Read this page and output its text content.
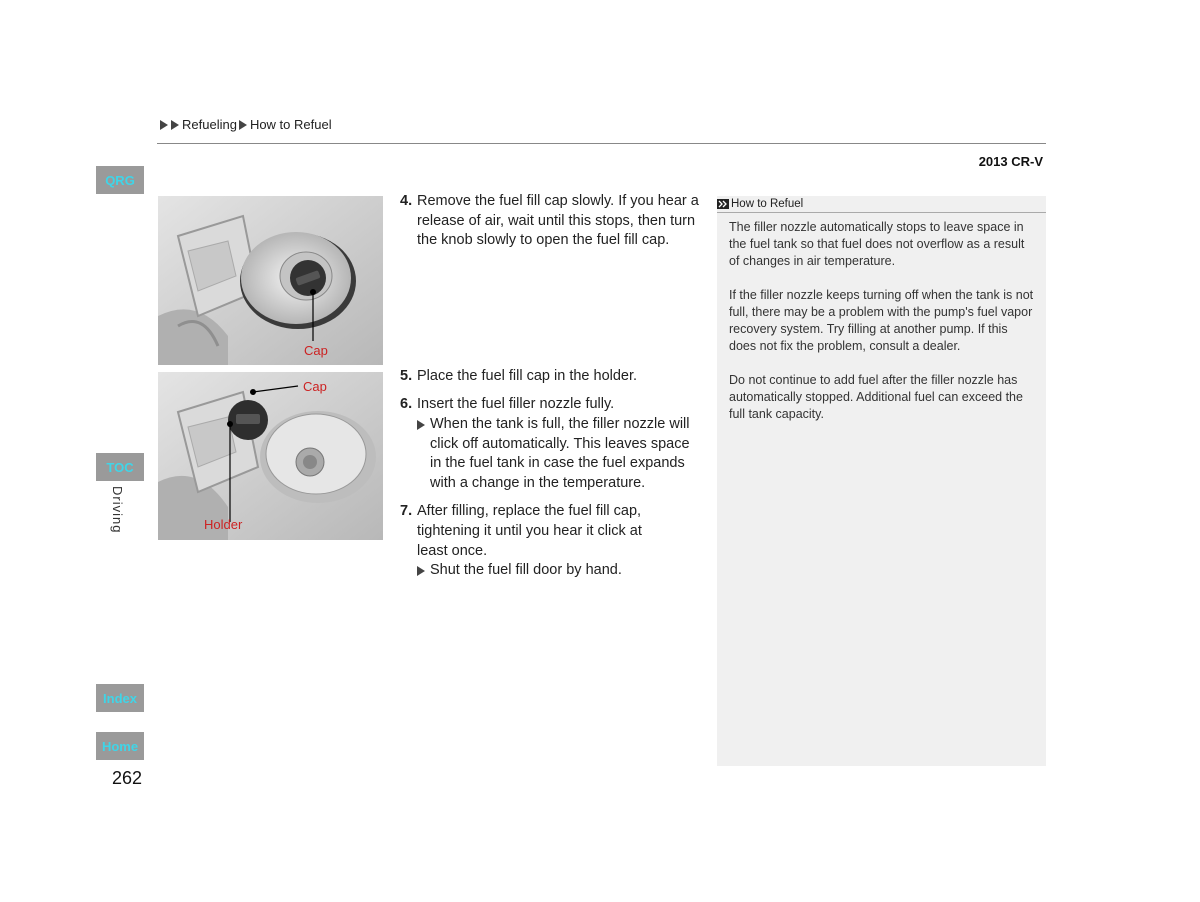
Refueling How to Refuel
2013 CR-V
QRG
TOC
Driving
Index
Home
262
Cap
Cap
Holder
4. Remove the fuel fill cap slowly. If you hear a release of air, wait until this stops, then turn the knob slowly to open the fuel fill cap.
5. Place the fuel fill cap in the holder.
6. Insert the fuel filler nozzle fully.
When the tank is full, the filler nozzle will click off automatically. This leaves space in the fuel tank in case the fuel expands with a change in the temperature.
7. After filling, replace the fuel fill cap, tightening it until you hear it click at least once.
Shut the fuel fill door by hand.
How to Refuel

The filler nozzle automatically stops to leave space in the fuel tank so that fuel does not overflow as a result of changes in air temperature.

If the filler nozzle keeps turning off when the tank is not full, there may be a problem with the pump's fuel vapor recovery system. Try filling at another pump. If this does not fix the problem, consult a dealer.

Do not continue to add fuel after the filler nozzle has automatically stopped. Additional fuel can exceed the full tank capacity.
